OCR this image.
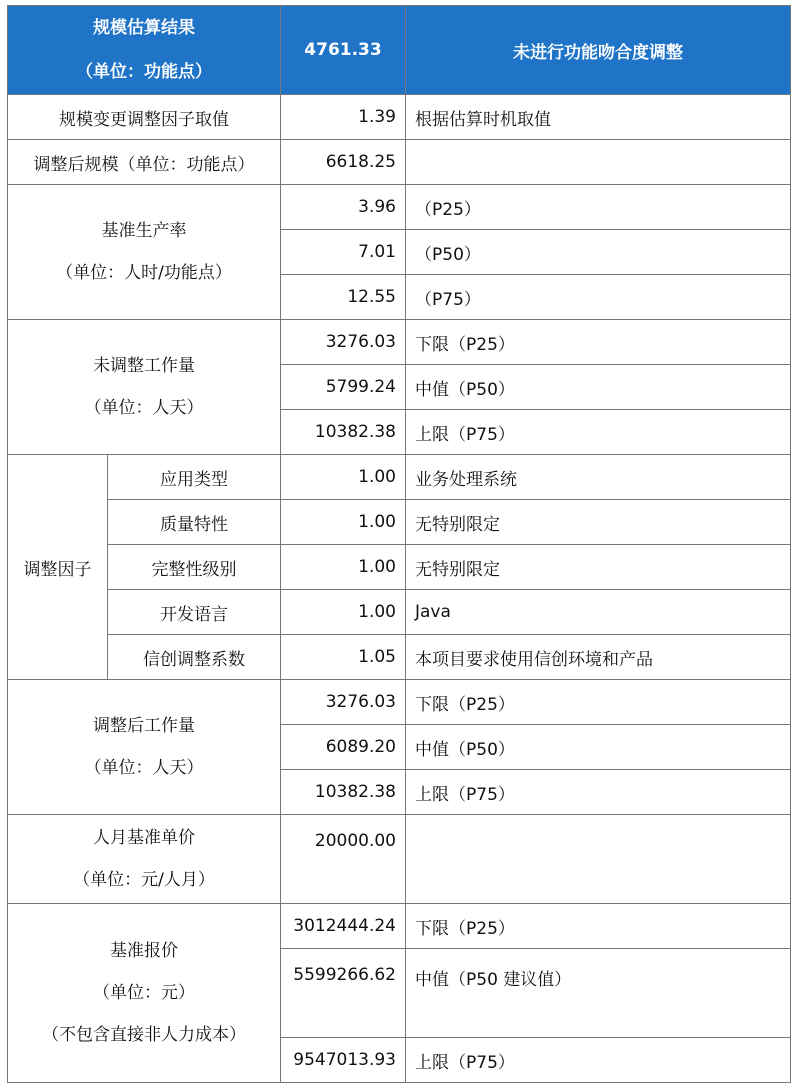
规模估算结果
（单位：功能点）		4761.33	未进行功能吻合度调整
规模变更调整因子取值		1.39	根据估算时机取值
调整后规模（单位：功能点）		6618.25	

基准生产率
（单位：人时/功能点）		3.96	（P25）
		7.01	（P50）
		12.55	（P75）

未调整工作量
（单位：人天）		3276.03	下限（P25）
		5799.24	中值（P50）
		10382.38	上限（P75）
调整因子	应用类型	1.00	业务处理系统
	质量特性	1.00	无特别限定
	完整性级别	1.00	无特别限定
	开发语言	1.00	Java
	信创调整系数	1.05	本项目要求使用信创环境和产品

调整后工作量
（单位：人天）		3276.03	下限（P25）
		6089.20	中值（P50）
		10382.38	上限（P75）

人月基准单价
（单位：元/人月）		20000.00	

基准报价
（单位：元）
（不包含直接非人力成本）		3012444.24	下限（P25）
		5599266.62	中值（P50 建议值）
		9547013.93	上限（P75）
